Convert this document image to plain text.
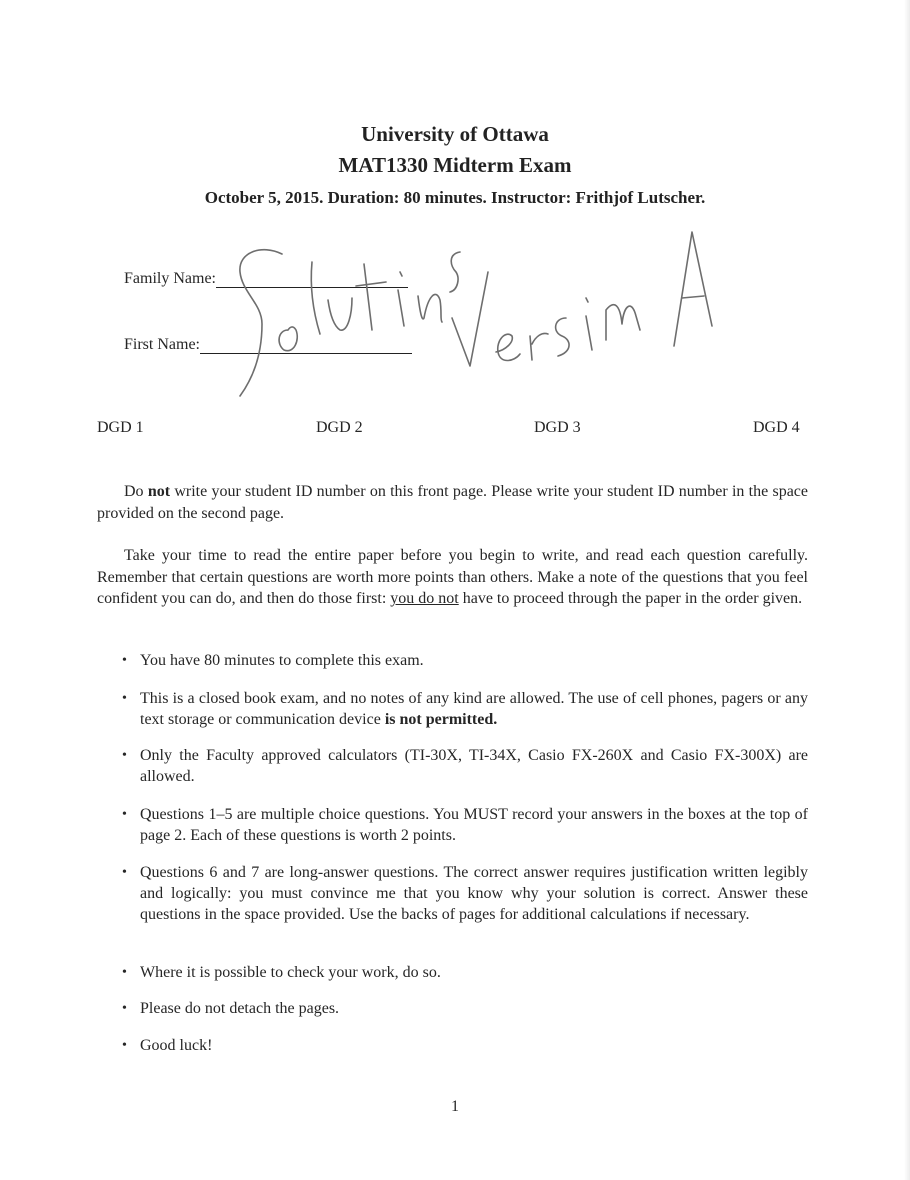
University of Ottawa
MAT1330 Midterm Exam
October 5, 2015. Duration: 80 minutes. Instructor: Frithjof Lutscher.
Family Name:
First Name:
DGD 1	DGD 2	DGD 3	DGD 4
Do not write your student ID number on this front page. Please write your student ID number in the space provided on the second page.
Take your time to read the entire paper before you begin to write, and read each question carefully. Remember that certain questions are worth more points than others. Make a note of the questions that you feel confident you can do, and then do those first: you do not have to proceed through the paper in the order given.
• You have 80 minutes to complete this exam.
• This is a closed book exam, and no notes of any kind are allowed. The use of cell phones, pagers or any text storage or communication device is not permitted.
• Only the Faculty approved calculators (TI-30X, TI-34X, Casio FX-260X and Casio FX-300X) are allowed.
• Questions 1–5 are multiple choice questions. You MUST record your answers in the boxes at the top of page 2. Each of these questions is worth 2 points.
• Questions 6 and 7 are long-answer questions. The correct answer requires justification written legibly and logically: you must convince me that you know why your solution is correct. Answer these questions in the space provided. Use the backs of pages for additional calculations if necessary.
• Where it is possible to check your work, do so.
• Please do not detach the pages.
• Good luck!
1
